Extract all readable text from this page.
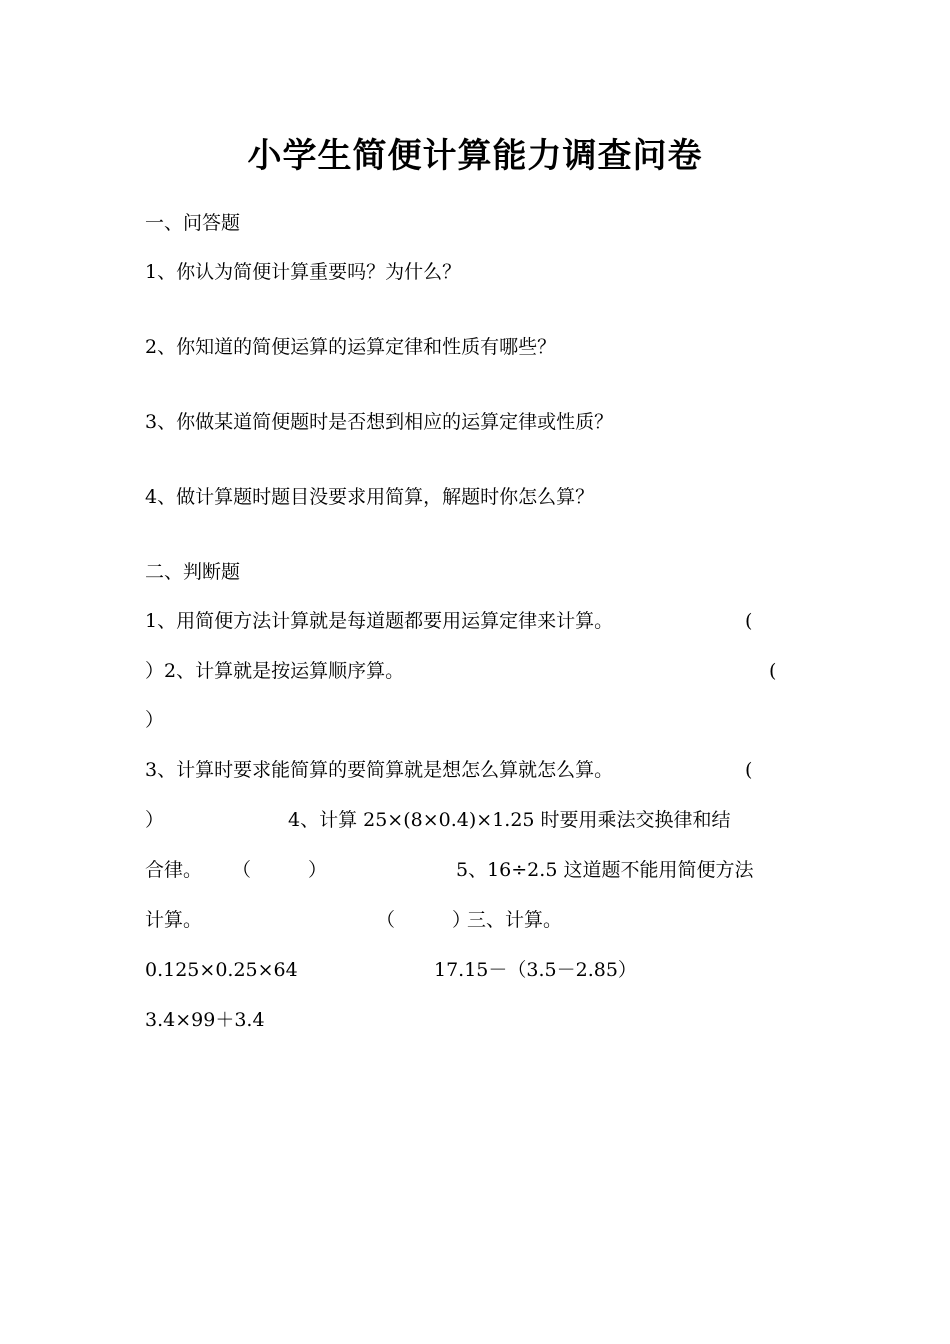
小学生简便计算能力调查问卷
一、问答题
1、你认为简便计算重要吗？为什么？
2、你知道的简便运算的运算定律和性质有哪些？
3、你做某道简便题时是否想到相应的运算定律或性质？
4、做计算题时题目没要求用简算，解题时你怎么算？
二、判断题
1、用简便方法计算就是每道题都要用运算定律来计算。	(
）2、计算就是按运算顺序算。	(
）
3、计算时要求能简算的要简算就是想怎么算就怎么算。	(
）	4、计算 25×(8×0.4)×1.25 时要用乘法交换律和结
合律。 （　　　）	5、16÷2.5 这道题不能用简便方法
计算。	（　　　）
三、计算。
0.125×0.25×64	17.15－（3.5－2.85）
3.4×99＋3.4
